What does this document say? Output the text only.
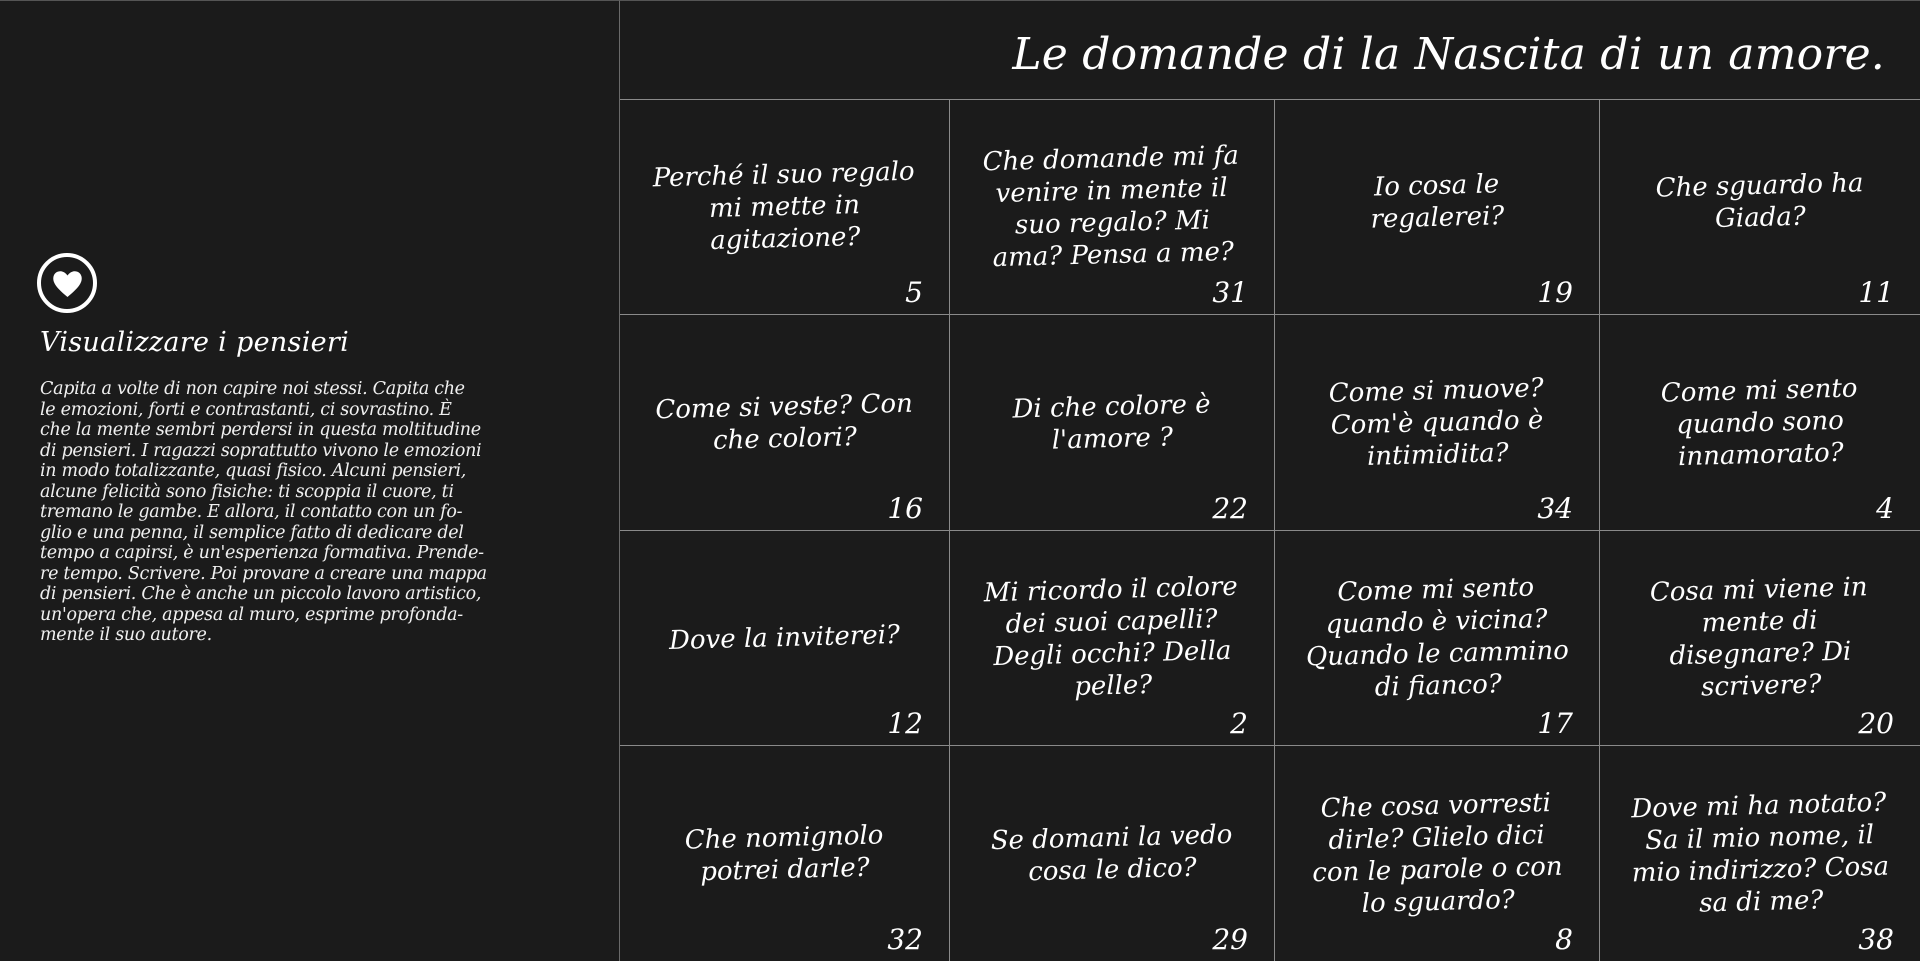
Visualizzare i pensieri
Capita a volte di non capire noi stessi. Capita che
le emozioni, forti e contrastanti, ci sovrastino. È
che la mente sembri perdersi in questa moltitudine
di pensieri. I ragazzi soprattutto vivono le emozioni
in modo totalizzante, quasi fisico. Alcuni pensieri,
alcune felicità sono fisiche: ti scoppia il cuore, ti
tremano le gambe. E allora, il contatto con un fo-
glio e una penna, il semplice fatto di dedicare del
tempo a capirsi, è un'esperienza formativa. Prende-
re tempo. Scrivere. Poi provare a creare una mappa
di pensieri. Che è anche un piccolo lavoro artistico,
un'opera che, appesa al muro, esprime profonda-
mente il suo autore.
Le domande di la Nascita di un amore.
Perché il suo regalo mi mette in agitazione?
5
Che domande mi fa venire in mente il suo regalo? Mi ama? Pensa a me?
31
Io cosa le regalerei?
19
Che sguardo ha Giada?
11
Come si veste? Con che colori?
16
Di che colore è l'amore ?
22
Come si muove? Com'è quando è intimidita?
34
Come mi sento quando sono innamorato?
4
Dove la inviterei?
12
Mi ricordo il colore dei suoi capelli? Degli occhi? Della pelle?
2
Come mi sento quando è vicina? Quando le cammino di fianco?
17
Cosa mi viene in mente di disegnare? Di scrivere?
20
Che nomignolo potrei darle?
32
Se domani la vedo cosa le dico?
29
Che cosa vorresti dirle? Glielo dici con le parole o con lo sguardo?
8
Dove mi ha notato? Sa il mio nome, il mio indirizzo? Cosa sa di me?
38
